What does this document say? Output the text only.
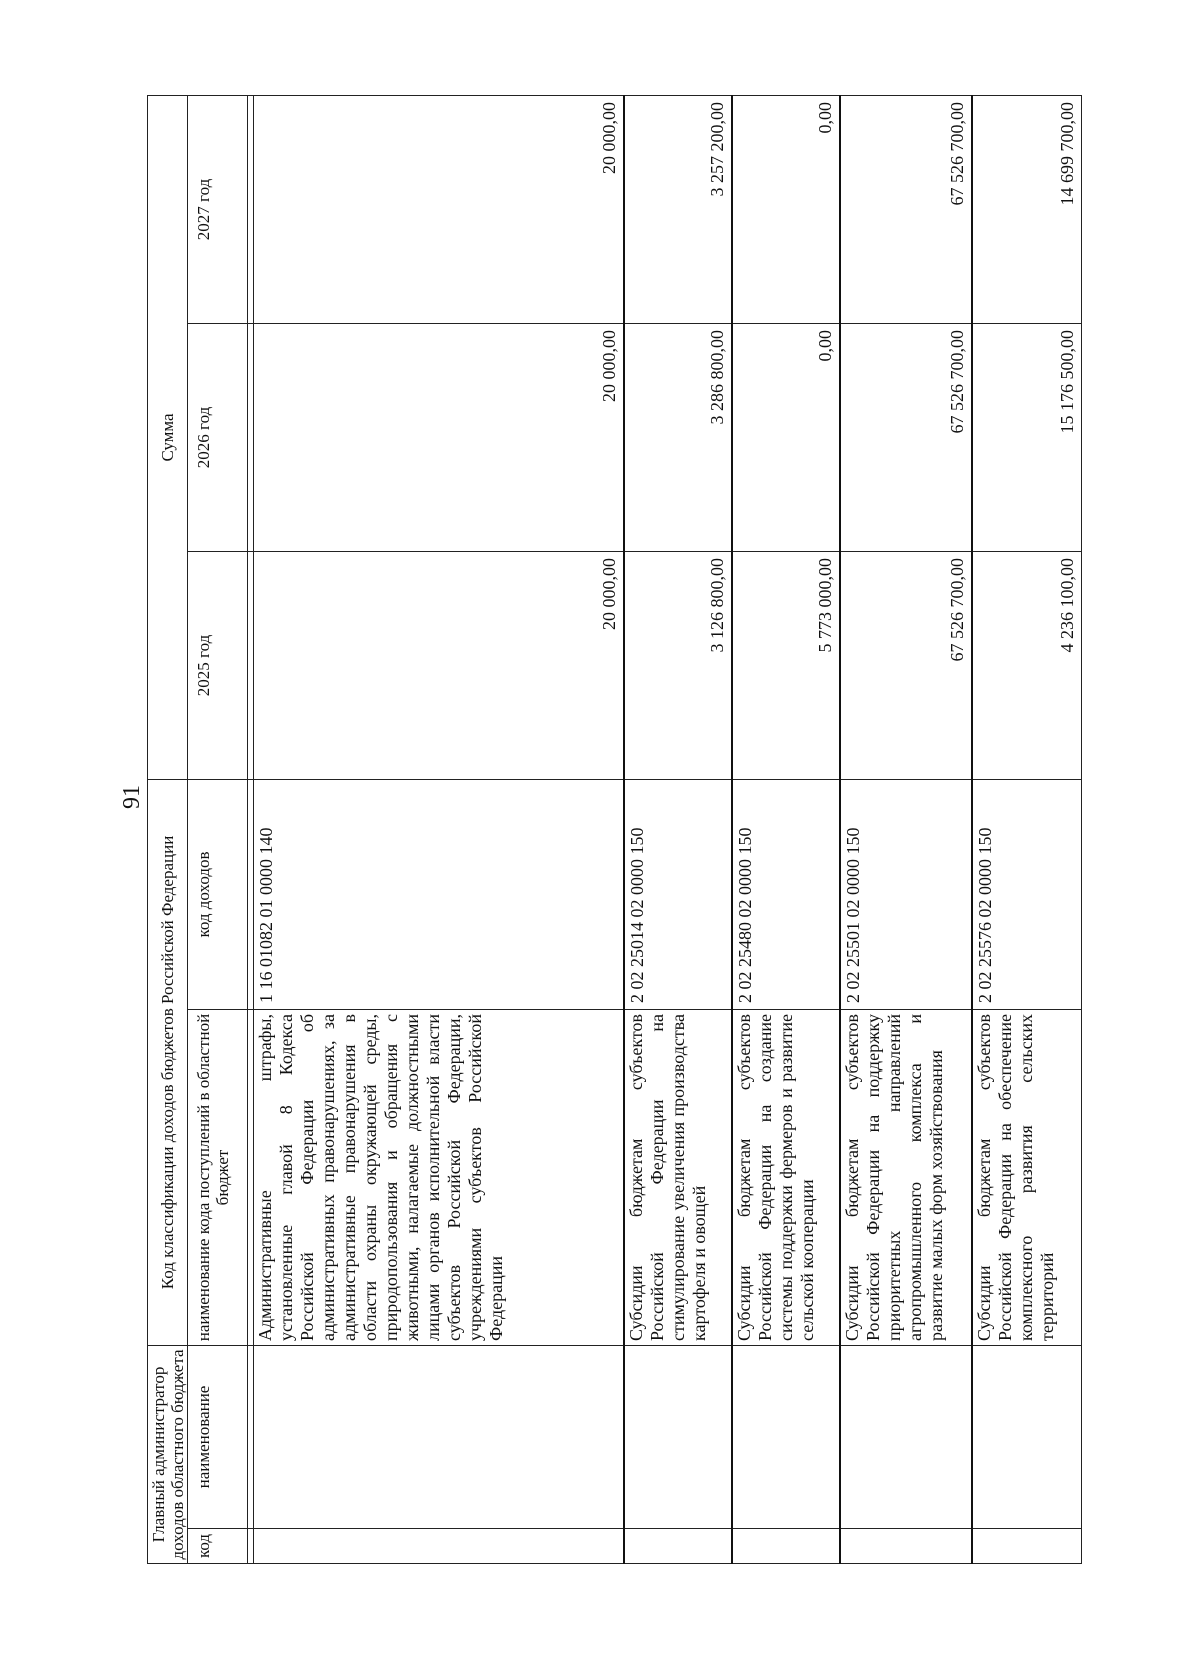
91
Главный администратор доходов областного бюджета		Код классификации доходов бюджетов Российской Федерации		Сумма		
код	наименование	наименование кода поступлений в областной бюджет	код доходов	2025 год	2026 год	2027 год

		Административные штрафы, установленные главой 8 Кодекса Российской Федерации об административных правонарушениях, за административные правонарушения в области охраны окружающей среды, природопользования и обращения с животными, налагаемые должностными лицами органов исполнительной власти субъектов Российской Федерации, учреждениями субъектов Российской Федерации	1 16 01082 01 0000 140	20 000,00	20 000,00	20 000,00
		Субсидии бюджетам субъектов Российской Федерации на стимулирование увеличения производства картофеля и овощей	2 02 25014 02 0000 150	3 126 800,00	3 286 800,00	3 257 200,00
		Субсидии бюджетам субъектов Российской Федерации на создание системы поддержки фермеров и развитие сельской кооперации	2 02 25480 02 0000 150	5 773 000,00	0,00	0,00
		Субсидии бюджетам субъектов Российской Федерации на поддержку приоритетных направлений агропромышленного комплекса и развитие малых форм хозяйствования	2 02 25501 02 0000 150	67 526 700,00	67 526 700,00	67 526 700,00
		Субсидии бюджетам субъектов Российской Федерации на обеспечение комплексного развития сельских территорий	2 02 25576 02 0000 150	4 236 100,00	15 176 500,00	14 699 700,00
